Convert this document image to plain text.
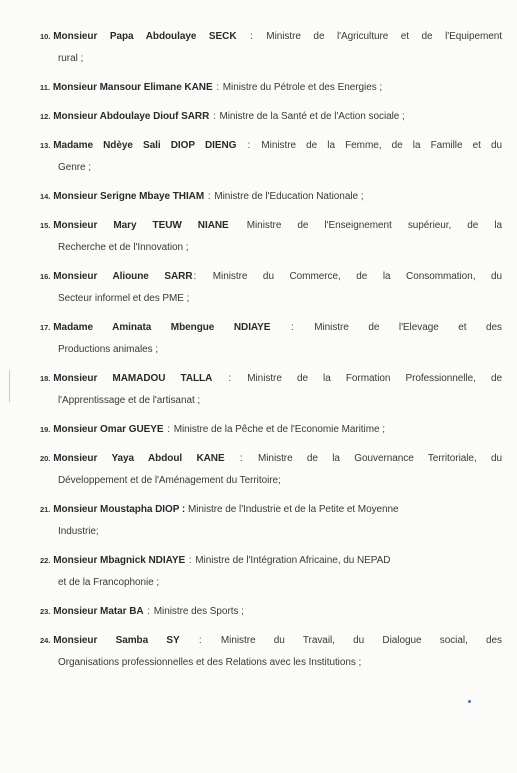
10. Monsieur Papa Abdoulaye SECK : Ministre de l'Agriculture et de l'Equipement
rural ;
11. Monsieur Mansour Elimane KANE : Ministre du Pétrole et des Energies ;
12. Monsieur Abdoulaye Diouf SARR : Ministre de la Santé et de l'Action sociale ;
13. Madame Ndèye Sali DIOP DIENG : Ministre de la Femme, de la Famille et du
Genre ;
14. Monsieur Serigne Mbaye THIAM : Ministre de l'Education Nationale ;
15. Monsieur Mary TEUW NIANE Ministre de l'Enseignement supérieur, de la
Recherche et de l'Innovation ;
16. Monsieur Alioune SARR: Ministre du Commerce, de la Consommation, du
Secteur informel et des PME ;
17. Madame Aminata Mbengue NDIAYE : Ministre de l'Elevage et des
Productions animales ;
18. Monsieur MAMADOU TALLA : Ministre de la Formation Professionnelle, de
l'Apprentissage et de l'artisanat ;
19. Monsieur Omar GUEYE : Ministre de la Pêche et de l'Economie Maritime ;
20. Monsieur Yaya Abdoul KANE : Ministre de la Gouvernance Territoriale, du
Développement et de l'Aménagement du Territoire;
21. Monsieur Moustapha DIOP : Ministre de l'Industrie et de la Petite et Moyenne
Industrie;
22. Monsieur Mbagnick NDIAYE : Ministre de l'Intégration Africaine, du NEPAD
et de la Francophonie ;
23. Monsieur Matar BA : Ministre des Sports ;
24. Monsieur Samba SY : Ministre du Travail, du Dialogue social, des
Organisations professionnelles et des Relations avec les Institutions ;
